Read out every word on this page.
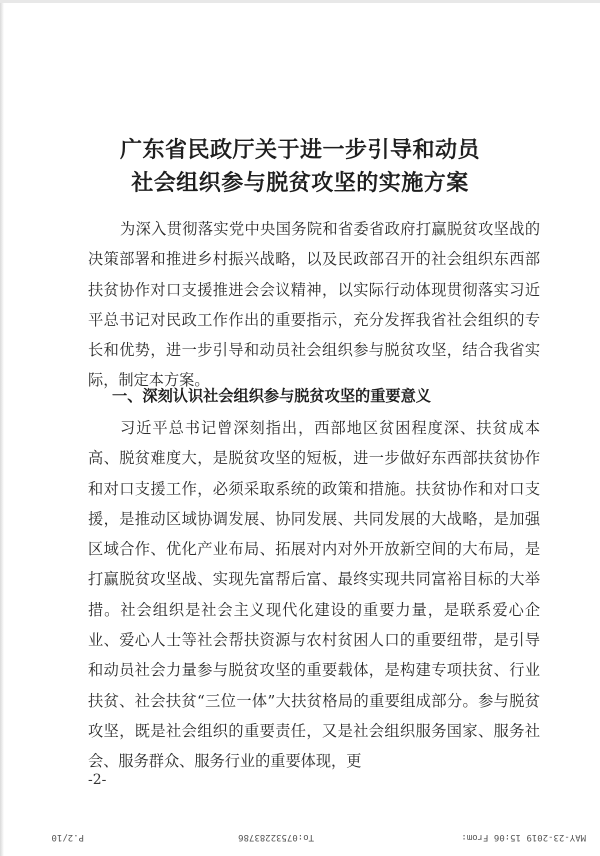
广东省民政厅关于进一步引导和动员
社会组织参与脱贫攻坚的实施方案
为深入贯彻落实党中央国务院和省委省政府打赢脱贫攻坚战的决策部署和推进乡村振兴战略，以及民政部召开的社会组织东西部扶贫协作对口支援推进会会议精神，以实际行动体现贯彻落实习近平总书记对民政工作作出的重要指示，充分发挥我省社会组织的专长和优势，进一步引导和动员社会组织参与脱贫攻坚，结合我省实际，制定本方案。
一、深刻认识社会组织参与脱贫攻坚的重要意义
习近平总书记曾深刻指出，西部地区贫困程度深、扶贫成本高、脱贫难度大，是脱贫攻坚的短板，进一步做好东西部扶贫协作和对口支援工作，必须采取系统的政策和措施。扶贫协作和对口支援，是推动区域协调发展、协同发展、共同发展的大战略，是加强区域合作、优化产业布局、拓展对内对外开放新空间的大布局，是打赢脱贫攻坚战、实现先富帮后富、最终实现共同富裕目标的大举措。社会组织是社会主义现代化建设的重要力量，是联系爱心企业、爱心人士等社会帮扶资源与农村贫困人口的重要纽带，是引导和动员社会力量参与脱贫攻坚的重要载体，是构建专项扶贫、行业扶贫、社会扶贫“三位一体”大扶贫格局的重要组成部分。参与脱贫攻坚，既是社会组织的重要责任，又是社会组织服务国家、服务社会、服务群众、服务行业的重要体现，更
-2-
MAY-23-2019 15:06 From:
To:07532283786
P.2/10
